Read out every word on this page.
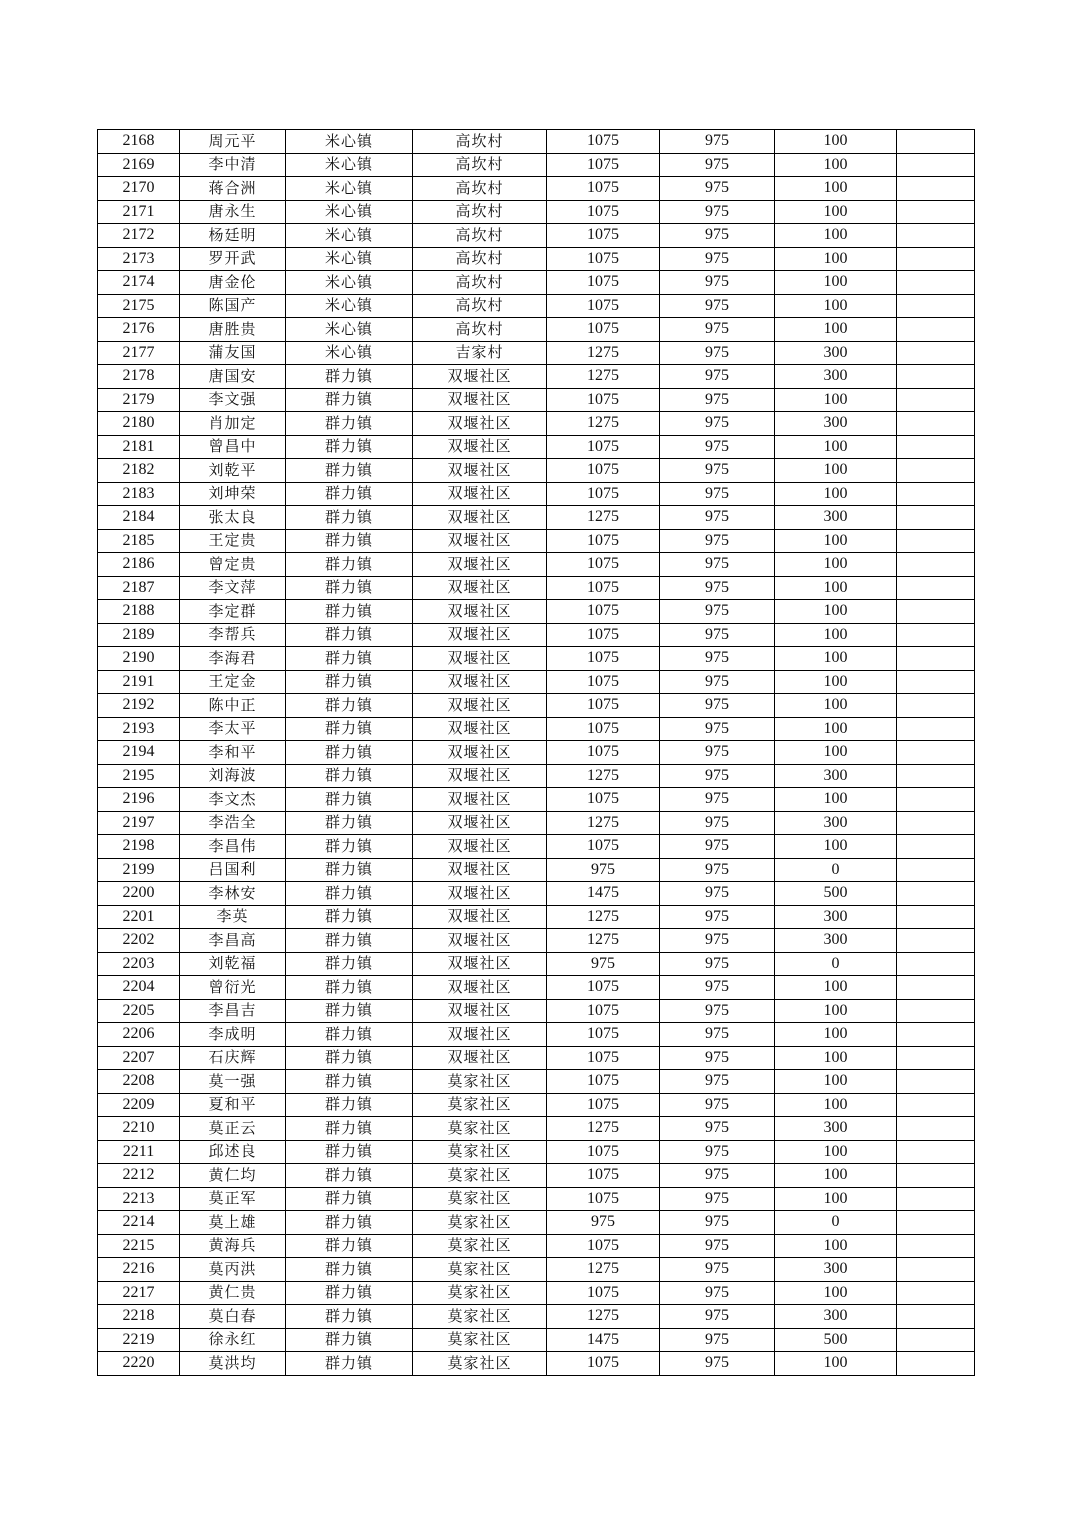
2168	周元平	米心镇	高坎村	1075	975	100	
2169	李中清	米心镇	高坎村	1075	975	100	
2170	蒋合洲	米心镇	高坎村	1075	975	100	
2171	唐永生	米心镇	高坎村	1075	975	100	
2172	杨廷明	米心镇	高坎村	1075	975	100	
2173	罗开武	米心镇	高坎村	1075	975	100	
2174	唐金伦	米心镇	高坎村	1075	975	100	
2175	陈国产	米心镇	高坎村	1075	975	100	
2176	唐胜贵	米心镇	高坎村	1075	975	100	
2177	蒲友国	米心镇	吉家村	1275	975	300	
2178	唐国安	群力镇	双堰社区	1275	975	300	
2179	李文强	群力镇	双堰社区	1075	975	100	
2180	肖加定	群力镇	双堰社区	1275	975	300	
2181	曾昌中	群力镇	双堰社区	1075	975	100	
2182	刘乾平	群力镇	双堰社区	1075	975	100	
2183	刘坤荣	群力镇	双堰社区	1075	975	100	
2184	张太良	群力镇	双堰社区	1275	975	300	
2185	王定贵	群力镇	双堰社区	1075	975	100	
2186	曾定贵	群力镇	双堰社区	1075	975	100	
2187	李文萍	群力镇	双堰社区	1075	975	100	
2188	李定群	群力镇	双堰社区	1075	975	100	
2189	李帮兵	群力镇	双堰社区	1075	975	100	
2190	李海君	群力镇	双堰社区	1075	975	100	
2191	王定金	群力镇	双堰社区	1075	975	100	
2192	陈中正	群力镇	双堰社区	1075	975	100	
2193	李太平	群力镇	双堰社区	1075	975	100	
2194	李和平	群力镇	双堰社区	1075	975	100	
2195	刘海波	群力镇	双堰社区	1275	975	300	
2196	李文杰	群力镇	双堰社区	1075	975	100	
2197	李浩全	群力镇	双堰社区	1275	975	300	
2198	李昌伟	群力镇	双堰社区	1075	975	100	
2199	吕国利	群力镇	双堰社区	975	975	0	
2200	李林安	群力镇	双堰社区	1475	975	500	
2201	李英	群力镇	双堰社区	1275	975	300	
2202	李昌高	群力镇	双堰社区	1275	975	300	
2203	刘乾福	群力镇	双堰社区	975	975	0	
2204	曾衍光	群力镇	双堰社区	1075	975	100	
2205	李昌吉	群力镇	双堰社区	1075	975	100	
2206	李成明	群力镇	双堰社区	1075	975	100	
2207	石庆辉	群力镇	双堰社区	1075	975	100	
2208	莫一强	群力镇	莫家社区	1075	975	100	
2209	夏和平	群力镇	莫家社区	1075	975	100	
2210	莫正云	群力镇	莫家社区	1275	975	300	
2211	邱述良	群力镇	莫家社区	1075	975	100	
2212	黄仁均	群力镇	莫家社区	1075	975	100	
2213	莫正军	群力镇	莫家社区	1075	975	100	
2214	莫上雄	群力镇	莫家社区	975	975	0	
2215	黄海兵	群力镇	莫家社区	1075	975	100	
2216	莫丙洪	群力镇	莫家社区	1275	975	300	
2217	黄仁贵	群力镇	莫家社区	1075	975	100	
2218	莫白春	群力镇	莫家社区	1275	975	300	
2219	徐永红	群力镇	莫家社区	1475	975	500	
2220	莫洪均	群力镇	莫家社区	1075	975	100	
